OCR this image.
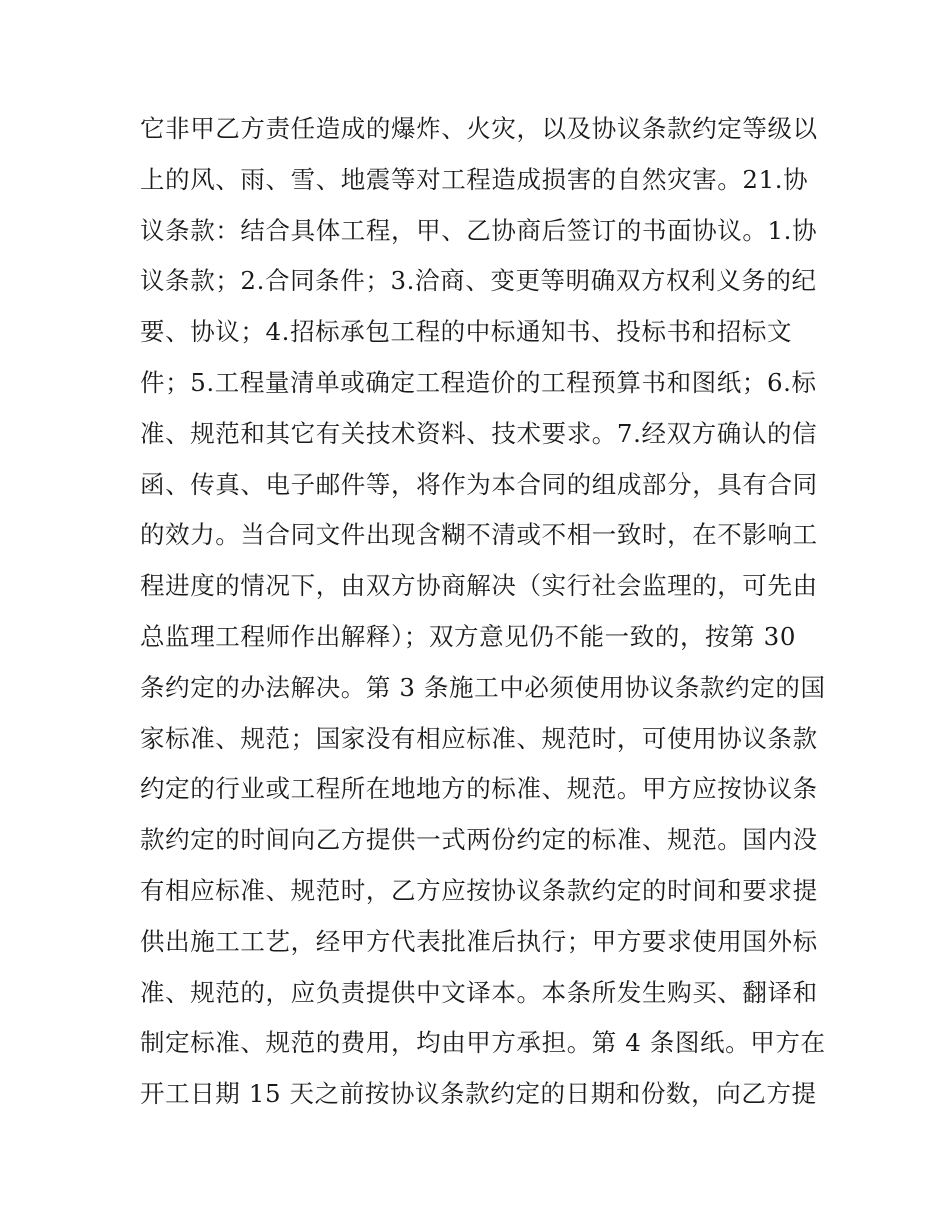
它非甲乙方责任造成的爆炸、火灾，以及协议条款约定等级以
上的风、雨、雪、地震等对工程造成损害的自然灾害。21.协
议条款：结合具体工程，甲、乙协商后签订的书面协议。1.协
议条款；2.合同条件；3.洽商、变更等明确双方权利义务的纪
要、协议；4.招标承包工程的中标通知书、投标书和招标文
件；5.工程量清单或确定工程造价的工程预算书和图纸；6.标
准、规范和其它有关技术资料、技术要求。7.经双方确认的信
函、传真、电子邮件等，将作为本合同的组成部分，具有合同
的效力。当合同文件出现含糊不清或不相一致时，在不影响工
程进度的情况下，由双方协商解决（实行社会监理的，可先由
总监理工程师作出解释）；双方意见仍不能一致的，按第 30
条约定的办法解决。第 3 条施工中必须使用协议条款约定的国
家标准、规范；国家没有相应标准、规范时，可使用协议条款
约定的行业或工程所在地地方的标准、规范。甲方应按协议条
款约定的时间向乙方提供一式两份约定的标准、规范。国内没
有相应标准、规范时，乙方应按协议条款约定的时间和要求提
供出施工工艺，经甲方代表批准后执行；甲方要求使用国外标
准、规范的，应负责提供中文译本。本条所发生购买、翻译和
制定标准、规范的费用，均由甲方承担。第 4 条图纸。甲方在
开工日期 15 天之前按协议条款约定的日期和份数，向乙方提
